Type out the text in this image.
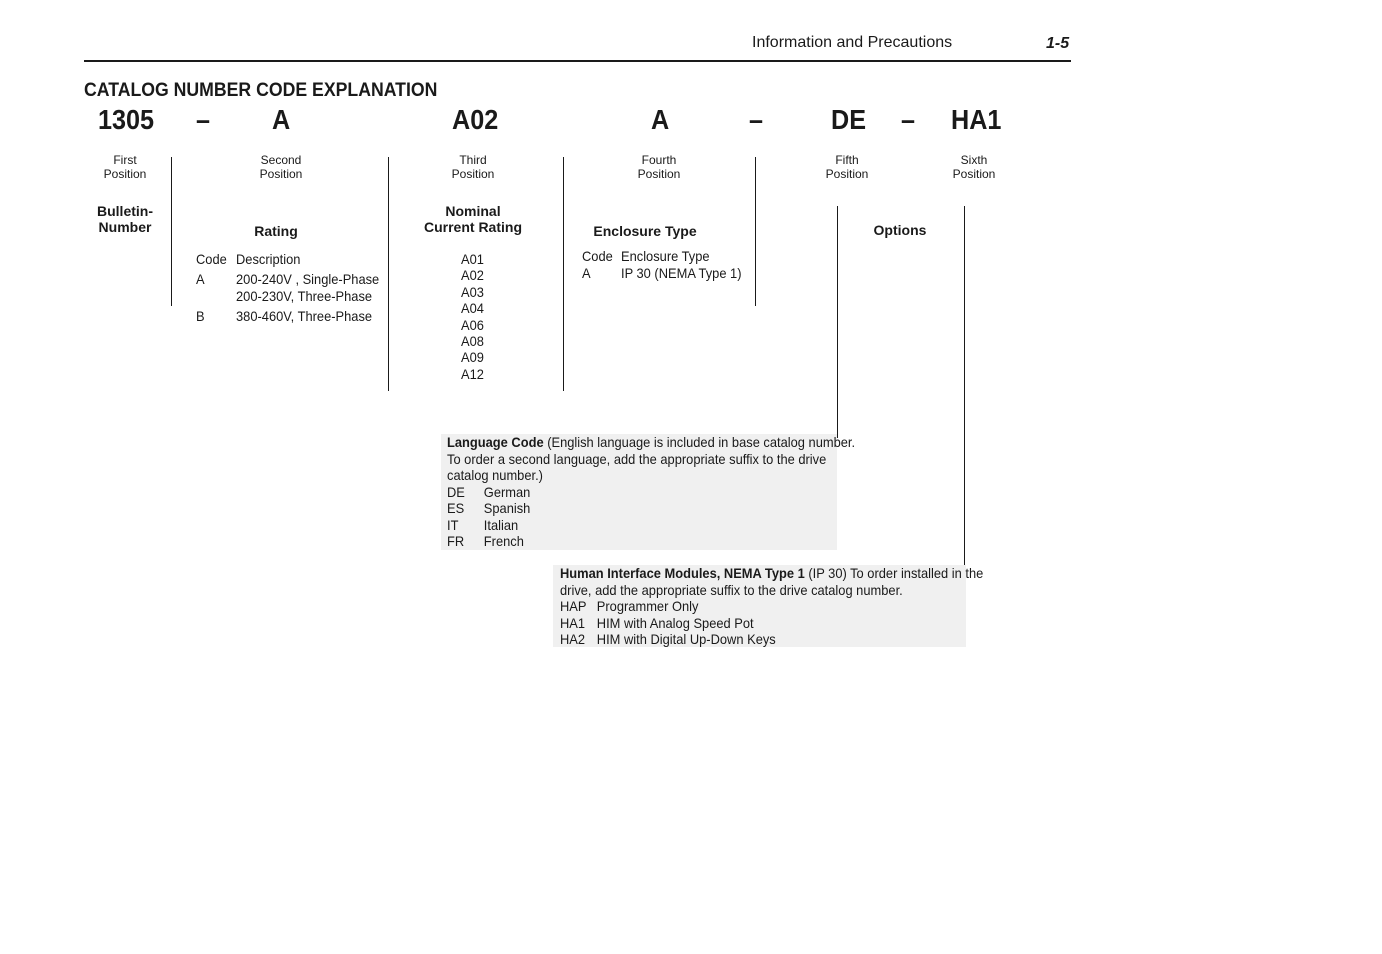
Information and Precautions	1-5
CATALOG NUMBER CODE EXPLANATION
1305 – A	A02	A	– DE – HA1
First
Position
Second
Position
Third
Position
Fourth
Position
Fifth
Position
Sixth
Position
Bulletin-
Number	Rating
Code Description
A 200-240V , Single-Phase
200-230V, Three-Phase
B 380-460V, Three-Phase
Nominal
Current Rating
A01
A02
A03
A04
A06
A08
A09
A12
Enclosure Type
Code Enclosure Type
A IP 30 (NEMA Type 1)
Options
Language Code (English language is included in base catalog number.
To order a second language, add the appropriate suffix to the drive
catalog number.)
DE	German
ES	Spanish
IT	Italian
FR	French
Human Interface Modules, NEMA Type 1 (IP 30) To order installed in the
drive, add the appropriate suffix to the drive catalog number.
HAP Programmer Only
HA1 HIM with Analog Speed Pot
HA2 HIM with Digital Up-Down Keys
